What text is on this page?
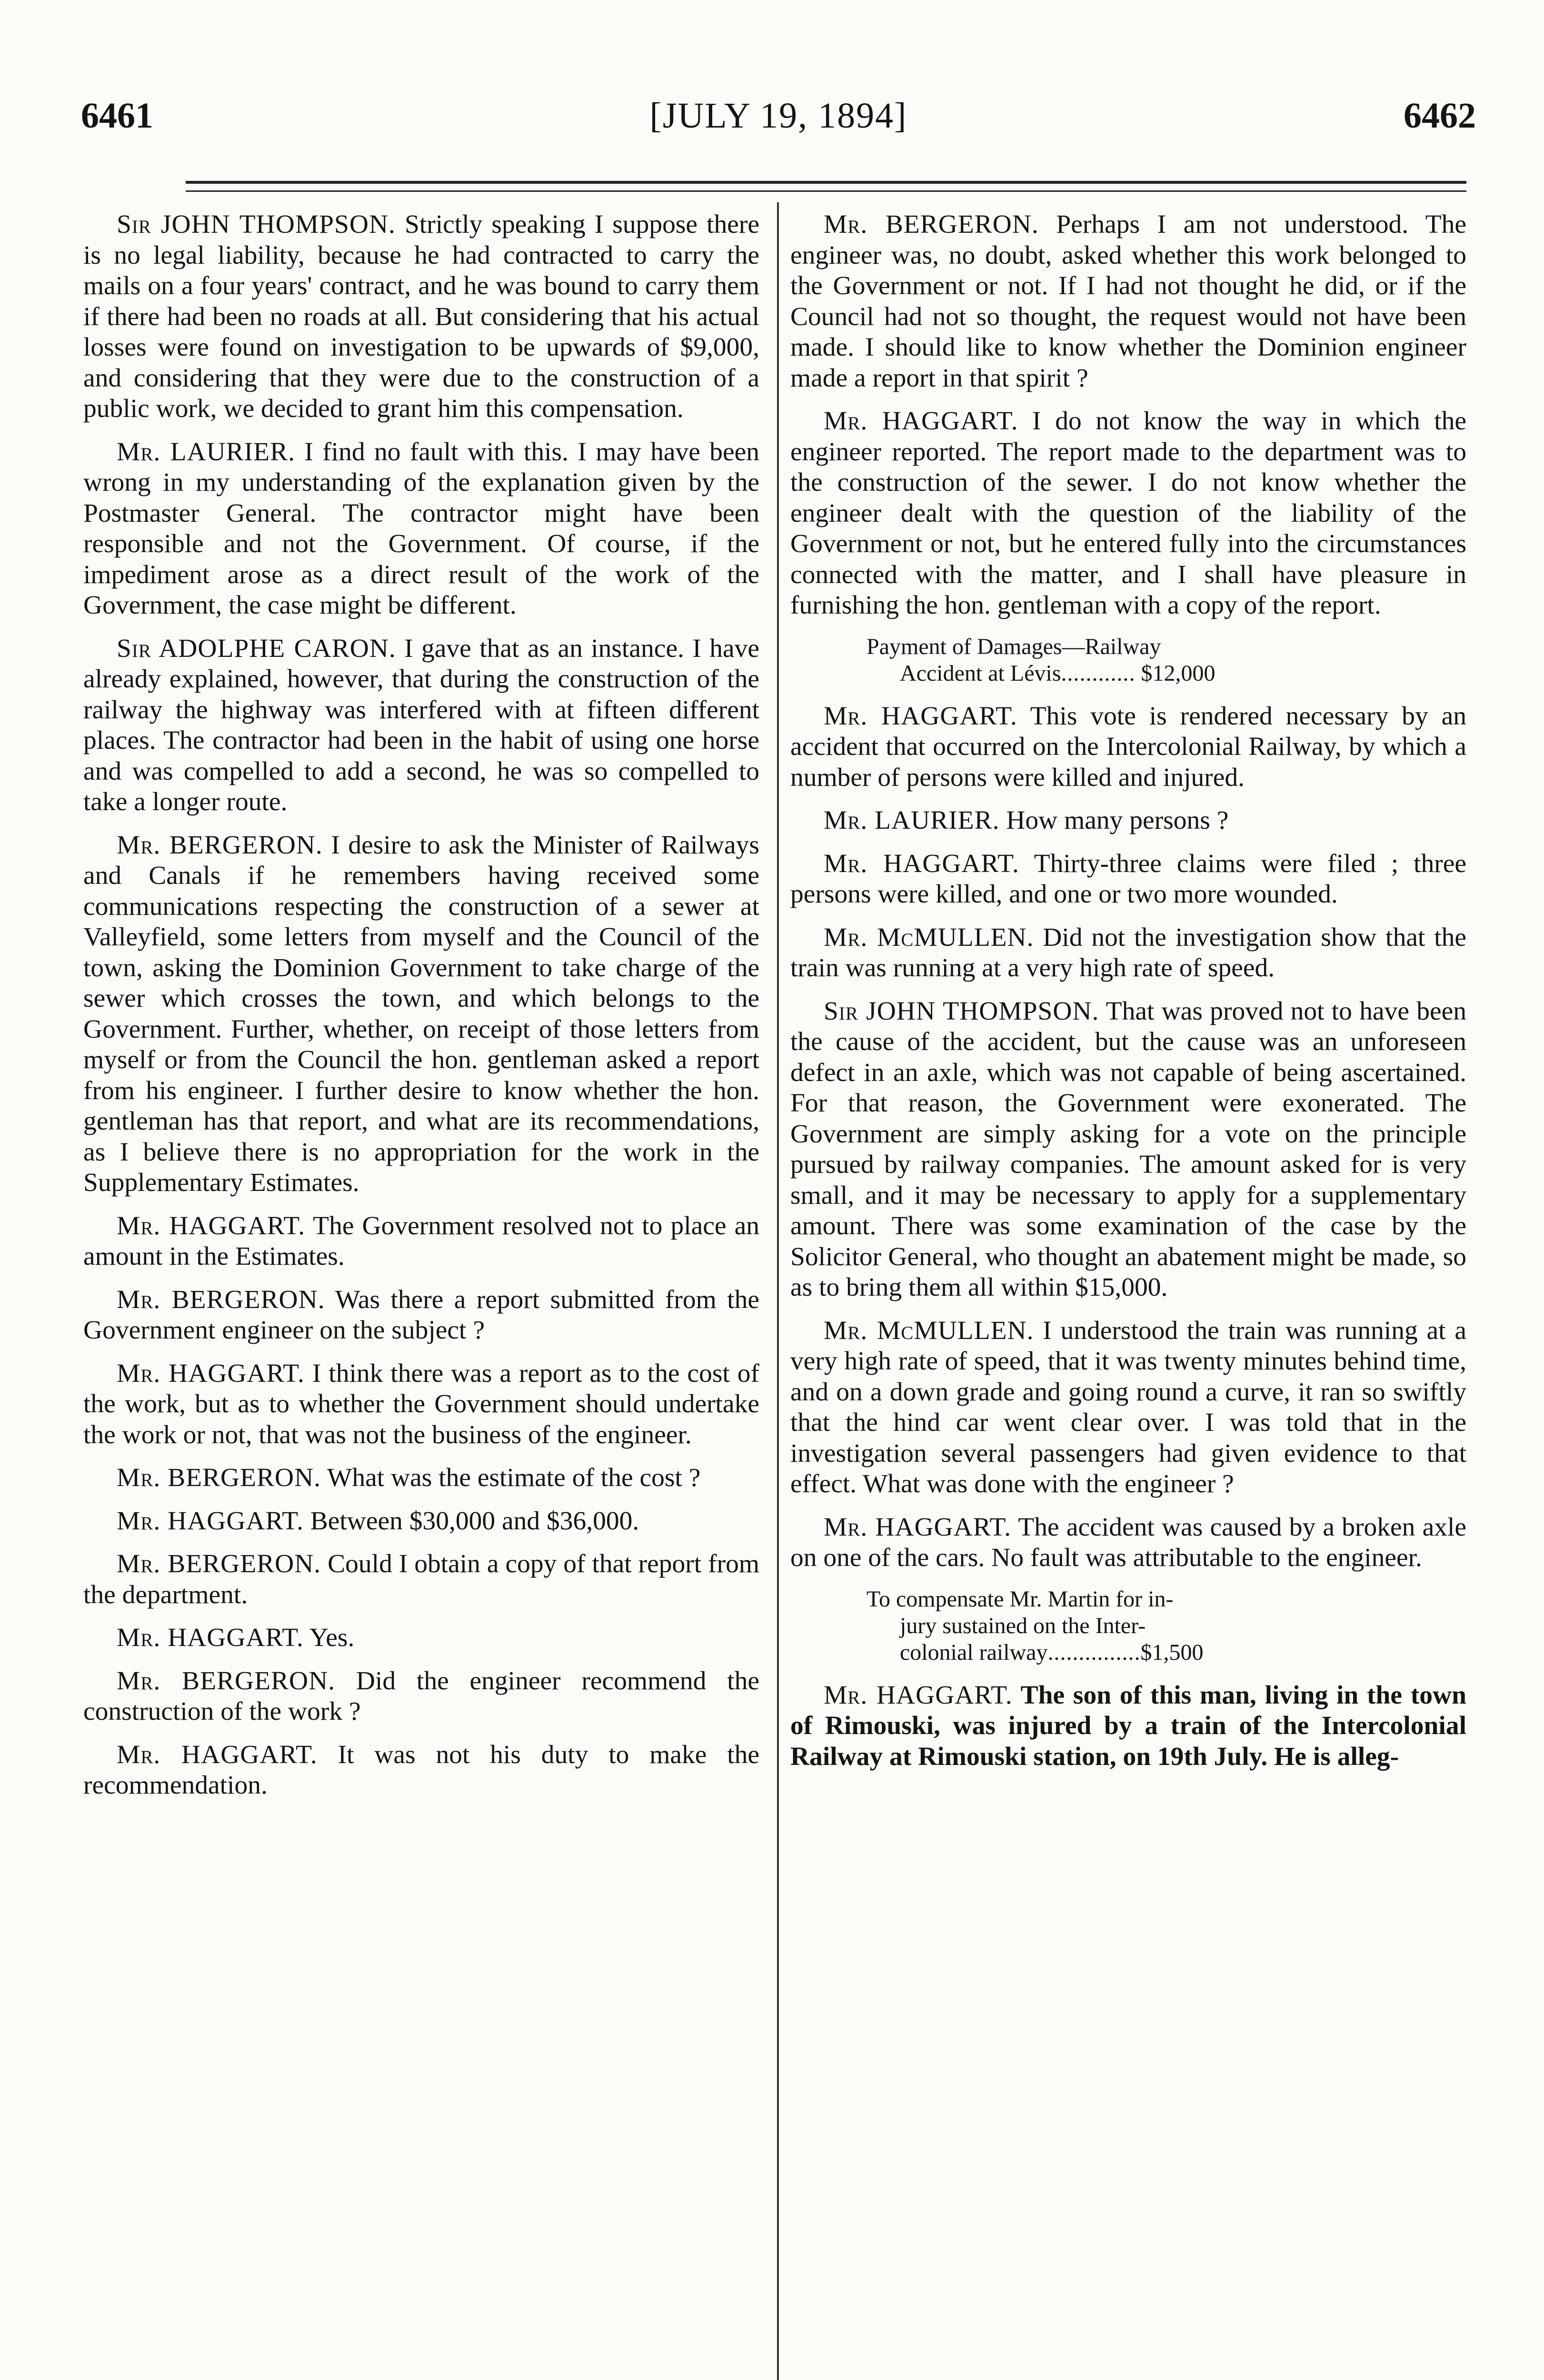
6461	[JULY 19, 1894]	6462

Sir JOHN THOMPSON. Strictly speaking I suppose there is no legal liability, because he had contracted to carry the mails on a four years' contract, and he was bound to carry them if there had been no roads at all. But considering that his actual losses were found on investigation to be upwards of $9,000, and considering that they were due to the construction of a public work, we decided to grant him this compensation.

Mr. LAURIER. I find no fault with this. I may have been wrong in my understanding of the explanation given by the Postmaster General. The contractor might have been responsible and not the Government. Of course, if the impediment arose as a direct result of the work of the Government, the case might be different.

Sir ADOLPHE CARON. I gave that as an instance. I have already explained, however, that during the construction of the railway the highway was interfered with at fifteen different places. The contractor had been in the habit of using one horse and was compelled to add a second, he was so compelled to take a longer route.

Mr. BERGERON. I desire to ask the Minister of Railways and Canals if he remembers having received some communications respecting the construction of a sewer at Valleyfield, some letters from myself and the Council of the town, asking the Dominion Government to take charge of the sewer which crosses the town, and which belongs to the Government. Further, whether, on receipt of those letters from myself or from the Council the hon. gentleman asked a report from his engineer. I further desire to know whether the hon. gentleman has that report, and what are its recommendations, as I believe there is no appropriation for the work in the Supplementary Estimates.

Mr. HAGGART. The Government resolved not to place an amount in the Estimates.

Mr. BERGERON. Was there a report submitted from the Government engineer on the subject ?

Mr. HAGGART. I think there was a report as to the cost of the work, but as to whether the Government should undertake the work or not, that was not the business of the engineer.

Mr. BERGERON. What was the estimate of the cost ?

Mr. HAGGART. Between $30,000 and $36,000.

Mr. BERGERON. Could I obtain a copy of that report from the department.

Mr. HAGGART. Yes.

Mr. BERGERON. Did the engineer recommend the construction of the work ?

Mr. HAGGART. It was not his duty to make the recommendation.

Mr. BERGERON. Perhaps I am not understood. The engineer was, no doubt, asked whether this work belonged to the Government or not. If I had not thought he did, or if the Council had not so thought, the request would not have been made. I should like to know whether the Dominion engineer made a report in that spirit ?

Mr. HAGGART. I do not know the way in which the engineer reported. The report made to the department was to the construction of the sewer. I do not know whether the engineer dealt with the question of the liability of the Government or not, but he entered fully into the circumstances connected with the matter, and I shall have pleasure in furnishing the hon. gentleman with a copy of the report.

Payment of Damages—Railway
Accident at Lévis............ $12,000

Mr. HAGGART. This vote is rendered necessary by an accident that occurred on the Intercolonial Railway, by which a number of persons were killed and injured.

Mr. LAURIER. How many persons ?

Mr. HAGGART. Thirty-three claims were filed ; three persons were killed, and one or two more wounded.

Mr. McMULLEN. Did not the investigation show that the train was running at a very high rate of speed.

Sir JOHN THOMPSON. That was proved not to have been the cause of the accident, but the cause was an unforeseen defect in an axle, which was not capable of being ascertained. For that reason, the Government were exonerated. The Government are simply asking for a vote on the principle pursued by railway companies. The amount asked for is very small, and it may be necessary to apply for a supplementary amount. There was some examination of the case by the Solicitor General, who thought an abatement might be made, so as to bring them all within $15,000.

Mr. McMULLEN. I understood the train was running at a very high rate of speed, that it was twenty minutes behind time, and on a down grade and going round a curve, it ran so swiftly that the hind car went clear over. I was told that in the investigation several passengers had given evidence to that effect. What was done with the engineer ?

Mr. HAGGART. The accident was caused by a broken axle on one of the cars. No fault was attributable to the engineer.

To compensate Mr. Martin for in-
jury sustained on the Inter-
colonial railway...............$1,500

Mr. HAGGART. The son of this man, living in the town of Rimouski, was injured by a train of the Intercolonial Railway at Rimouski station, on 19th July. He is alleg-
